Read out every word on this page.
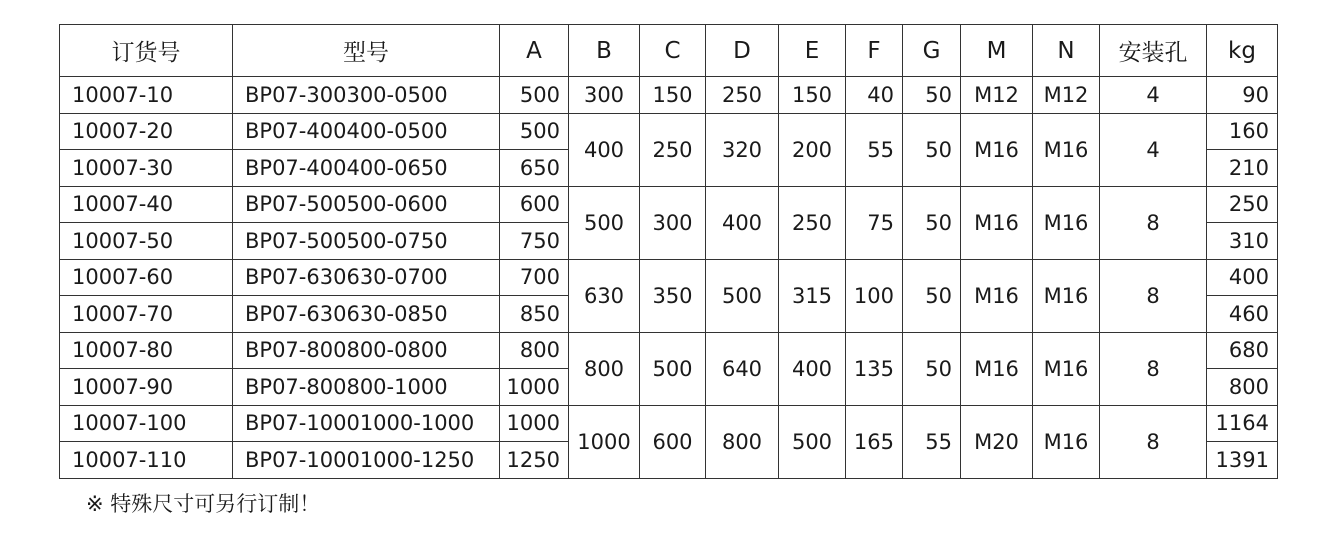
订货号	型号	A	B	C	D	E	F	G	M	N	安装孔	kg
10007-10	BP07-300300-0500	500	300	150	250	150	40	50	M12	M12	4	90
10007-20	BP07-400400-0500	500	400	250	320	200	55	50	M16	M16	4	160
10007-30	BP07-400400-0650	650										210
10007-40	BP07-500500-0600	600	500	300	400	250	75	50	M16	M16	8	250
10007-50	BP07-500500-0750	750										310
10007-60	BP07-630630-0700	700	630	350	500	315	100	50	M16	M16	8	400
10007-70	BP07-630630-0850	850										460
10007-80	BP07-800800-0800	800	800	500	640	400	135	50	M16	M16	8	680
10007-90	BP07-800800-1000	1000										800
10007-100	BP07-10001000-1000	1000	1000	600	800	500	165	55	M20	M16	8	1164
10007-110	BP07-10001000-1250	1250										1391
※ 特殊尺寸可另行订制！
